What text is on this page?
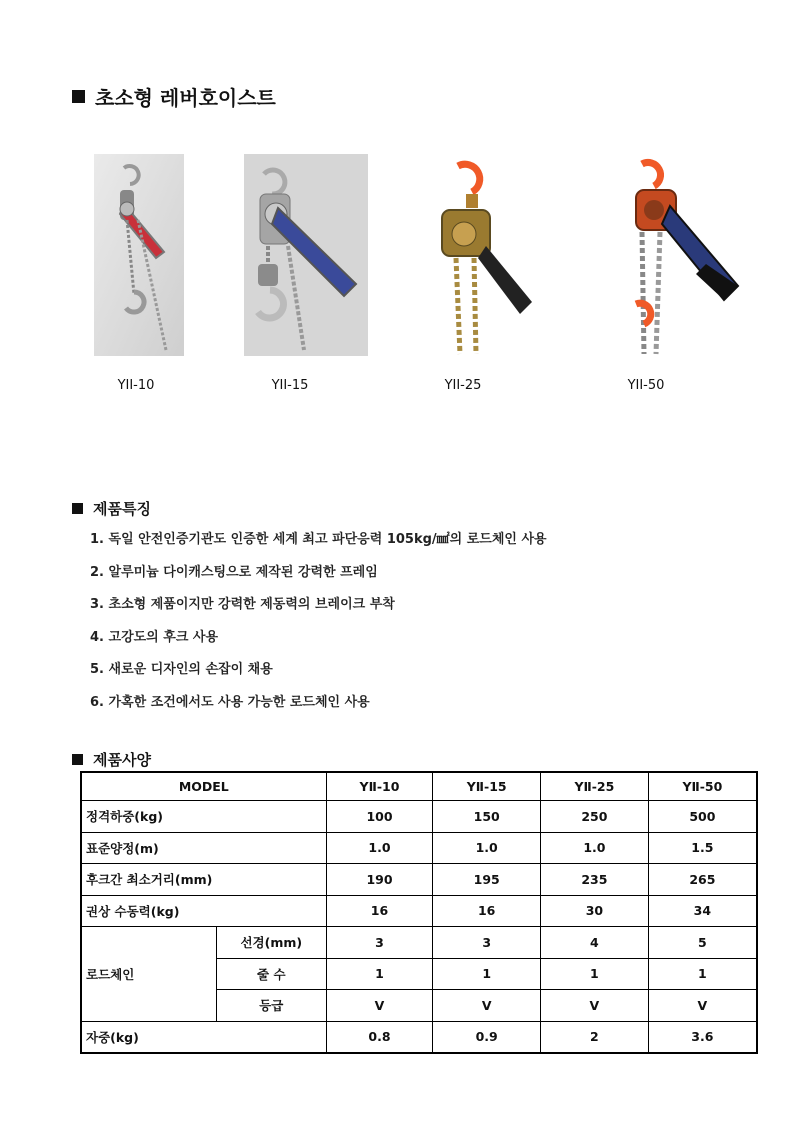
초소형 레버호이스트
YII-10	YII-15	YII-25	YII-50
제품특징
1. 독일 안전인증기관도 인증한 세계 최고 파단응력 105kg/㎟의 로드체인 사용
2. 알루미늄 다이캐스팅으로 제작된 강력한 프레임
3. 초소형 제품이지만 강력한 제동력의 브레이크 부착
4. 고강도의 후크 사용
5. 새로운 디자인의 손잡이 채용
6. 가혹한 조건에서도 사용 가능한 로드체인 사용
제품사양
MODEL		YⅡ-10	YⅡ-15	YⅡ-25	YⅡ-50
정격하중(kg)		100	150	250	500
표준양정(m)		1.0	1.0	1.0	1.5
후크간 최소거리(mm)		190	195	235	265
권상 수동력(kg)		16	16	30	34
로드체인	선경(mm)	3	3	4	5
	줄 수	1	1	1	1
	등급	V	V	V	V
자중(kg)		0.8	0.9	2	3.6
